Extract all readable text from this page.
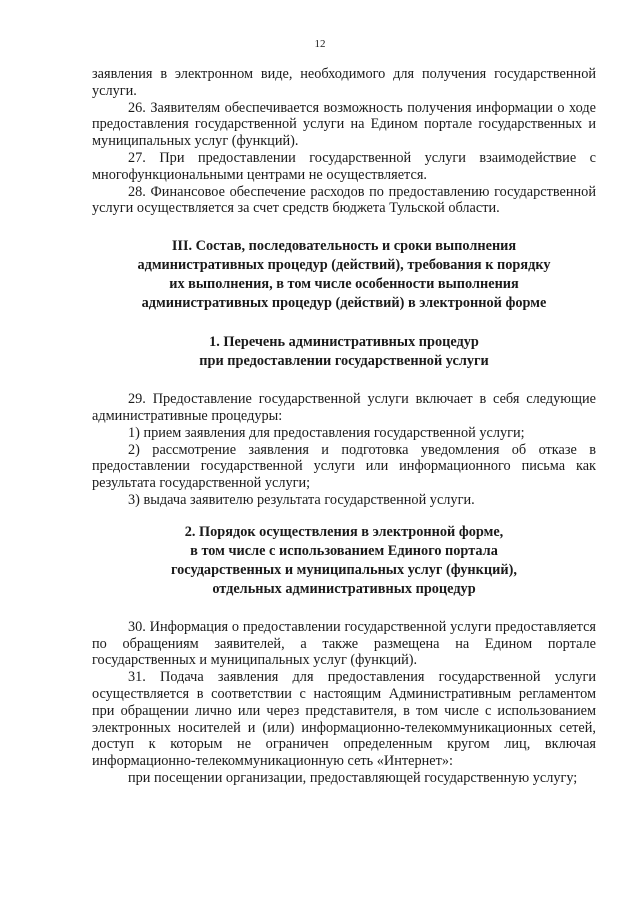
12

заявления в электронном виде, необходимого для получения государственной услуги.

26. Заявителям обеспечивается возможность получения информации о ходе предоставления государственной услуги на Едином портале государственных и муниципальных услуг (функций).

27. При предоставлении государственной услуги взаимодействие с многофункциональными центрами не осуществляется.

28. Финансовое обеспечение расходов по предоставлению государственной услуги осуществляется за счет средств бюджета Тульской области.

III. Состав, последовательность и сроки выполнения
административных процедур (действий), требования к порядку
их выполнения, в том числе особенности выполнения
административных процедур (действий) в электронной форме
1. Перечень административных процедур
при предоставлении государственной услуги

29. Предоставление государственной услуги включает в себя следующие административные процедуры:

1) прием заявления для предоставления государственной услуги;

2) рассмотрение заявления и подготовка уведомления об отказе в предоставлении государственной услуги или информационного письма как результата государственной услуги;

3) выдача заявителю результата государственной услуги.

2. Порядок осуществления в электронной форме,
в том числе с использованием Единого портала
государственных и муниципальных услуг (функций),
отдельных административных процедур

30. Информация о предоставлении государственной услуги предоставляется по обращениям заявителей, а также размещена на Едином портале государственных и муниципальных услуг (функций).

31. Подача заявления для предоставления государственной услуги осуществляется в соответствии с настоящим Административным регламентом при обращении лично или через представителя, в том числе с использованием электронных носителей и (или) информационно-телекоммуникационных сетей, доступ к которым не ограничен определенным кругом лиц, включая информационно-телекоммуникационную сеть «Интернет»:

при посещении организации, предоставляющей государственную услугу;
